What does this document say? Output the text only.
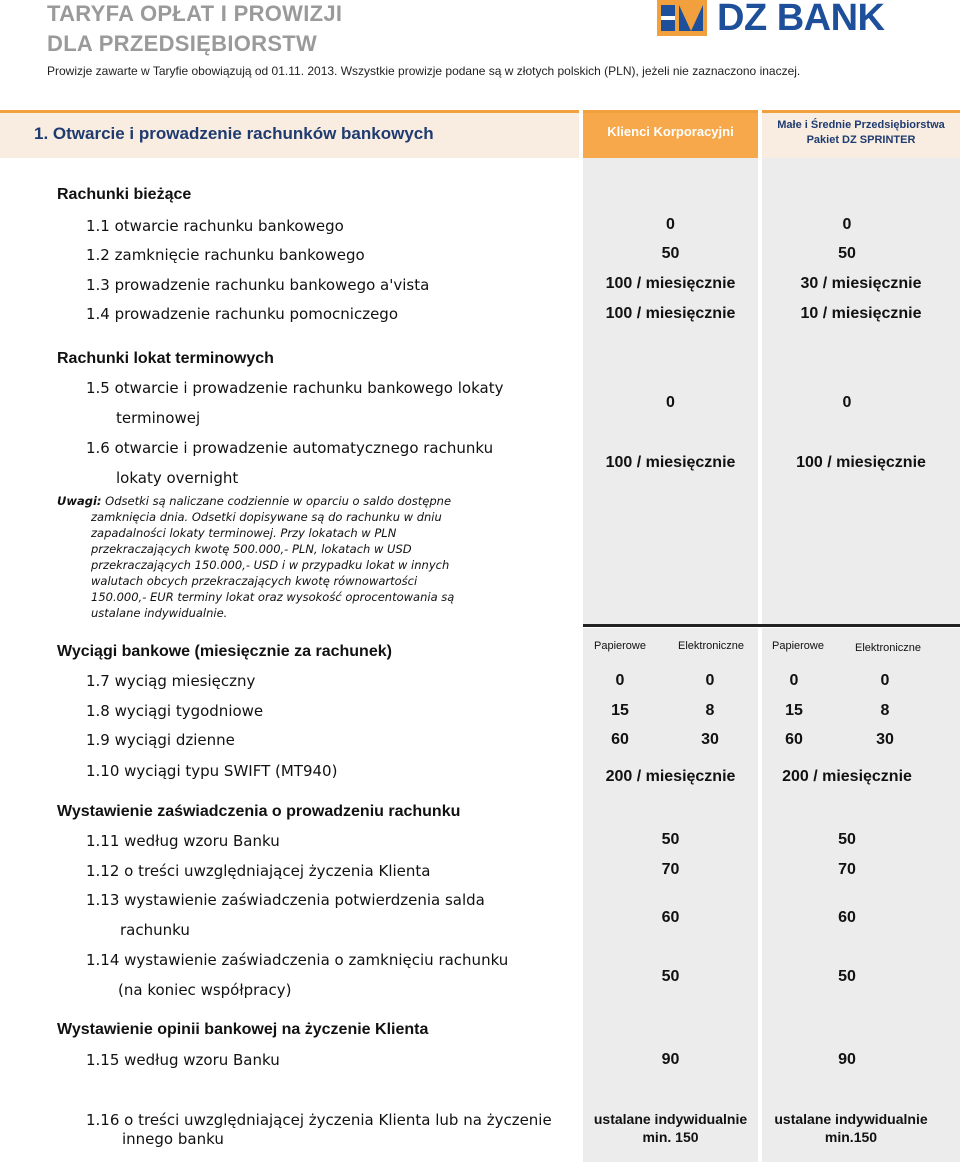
TARYFA OPŁAT I PROWIZJI
DLA PRZEDSIĘBIORSTW
Prowizje zawarte w Taryfie obowiązują od 01.11. 2013. Wszystkie prowizje podane są w złotych polskich (PLN), jeżeli nie zaznaczono inaczej.
DZ BANK
1. Otwarcie i prowadzenie rachunków bankowych	Klienci Korporacyjni	Małe i Średnie Przedsiębiorstwa
Pakiet DZ SPRINTER
Rachunki bieżące
1.1 otwarcie rachunku bankowego	0	0
1.2 zamknięcie rachunku bankowego	50	50
1.3 prowadzenie rachunku bankowego a'vista	100 / miesięcznie	30 / miesięcznie
1.4 prowadzenie rachunku pomocniczego	100 / miesięcznie	10 / miesięcznie
Rachunki lokat terminowych
1.5 otwarcie i prowadzenie rachunku bankowego lokaty
terminowej
0	0
1.6 otwarcie i prowadzenie automatycznego rachunku
lokaty overnight
100 / miesięcznie	100 / miesięcznie
Uwagi: Odsetki są naliczane codziennie w oparciu o saldo dostępne
zamknięcia dnia. Odsetki dopisywane są do rachunku w dniu
zapadalności lokaty terminowej. Przy lokatach w PLN
przekraczających kwotę 500.000,- PLN, lokatach w USD
przekraczających 150.000,- USD i w przypadku lokat w innych
walutach obcych przekraczających kwotę równowartości
150.000,- EUR terminy lokat oraz wysokość oprocentowania są
ustalane indywidualnie.
Wyciągi bankowe (miesięcznie za rachunek)	Papierowe	Elektroniczne	Papierowe	Elektroniczne
1.7 wyciąg miesięczny	0	0	0	0
1.8 wyciągi tygodniowe	15	8	15	8
1.9 wyciągi dzienne	60	30	60	30
1.10 wyciągi typu SWIFT (MT940)	200 / miesięcznie	200 / miesięcznie
Wystawienie zaświadczenia o prowadzeniu rachunku
1.11 według wzoru Banku	50	50
1.12 o treści uwzględniającej życzenia Klienta	70	70
1.13 wystawienie zaświadczenia potwierdzenia salda
rachunku
60	60
1.14 wystawienie zaświadczenia o zamknięciu rachunku
(na koniec współpracy)
50	50
Wystawienie opinii bankowej na życzenie Klienta
1.15 według wzoru Banku	90	90
1.16 o treści uwzględniającej życzenia Klienta lub na życzenie
innego banku
ustalane indywidualnie
min. 150
ustalane indywidualnie
min.150
